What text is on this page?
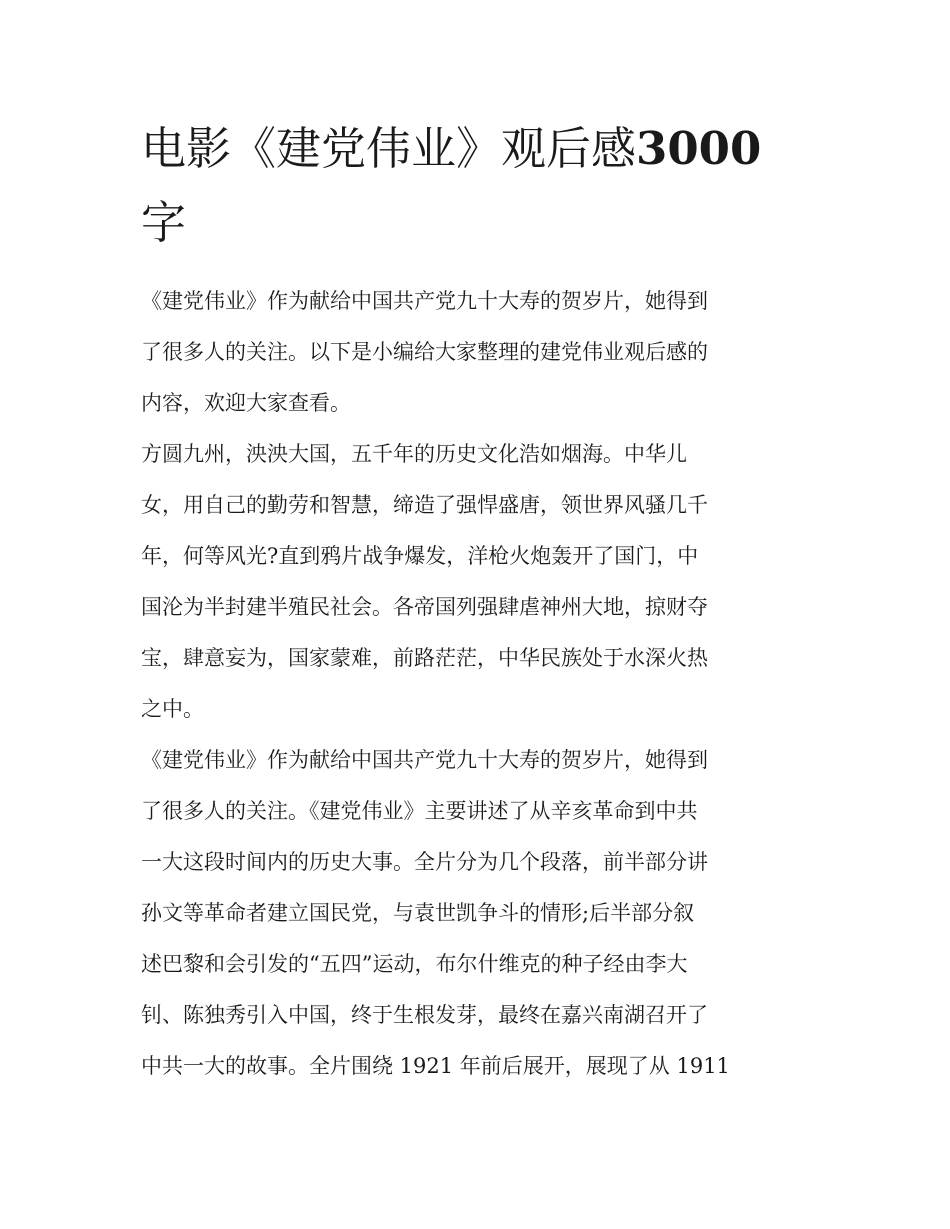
电影《建党伟业》观后感3000
字

《建党伟业》作为献给中国共产党九十大寿的贺岁片，她得到
了很多人的关注。以下是小编给大家整理的建党伟业观后感的
内容，欢迎大家查看。

方圆九州，泱泱大国，五千年的历史文化浩如烟海。中华儿
女，用自己的勤劳和智慧，缔造了强悍盛唐，领世界风骚几千
年，何等风光?直到鸦片战争爆发，洋枪火炮轰开了国门，中
国沦为半封建半殖民社会。各帝国列强肆虐神州大地，掠财夺
宝，肆意妄为，国家蒙难，前路茫茫，中华民族处于水深火热
之中。

《建党伟业》作为献给中国共产党九十大寿的贺岁片，她得到
了很多人的关注。《建党伟业》主要讲述了从辛亥革命到中共
一大这段时间内的历史大事。全片分为几个段落，前半部分讲
孙文等革命者建立国民党，与袁世凯争斗的情形;后半部分叙
述巴黎和会引发的“五四”运动，布尔什维克的种子经由李大
钊、陈独秀引入中国，终于生根发芽，最终在嘉兴南湖召开了
中共一大的故事。全片围绕 1921 年前后展开，展现了从 1911
